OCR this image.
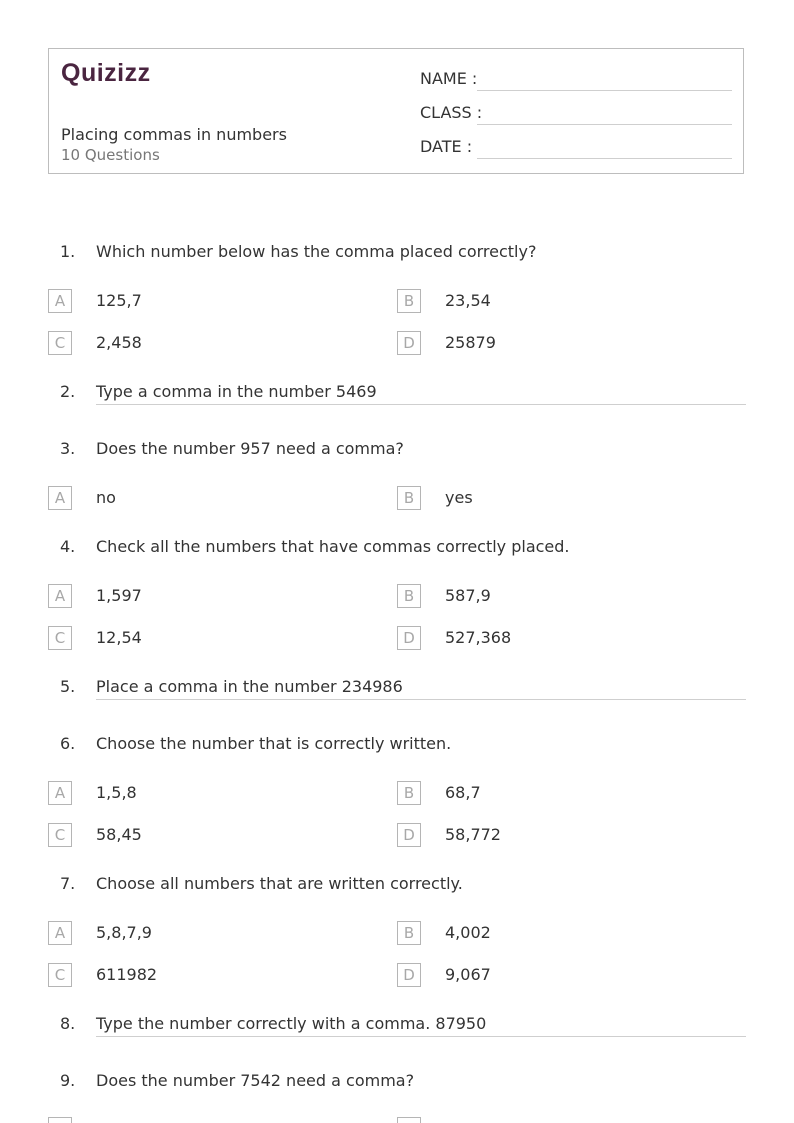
Quizizz
Placing commas in numbers
10 Questions
NAME :
CLASS :
DATE :
1. Which number below has the comma placed correctly?
A	125,7	B	23,54
C	2,458	D	25879
2. Type a comma in the number 5469
3. Does the number 957 need a comma?
A	no	B	yes
4. Check all the numbers that have commas correctly placed.
A	1,597	B	587,9
C	12,54	D	527,368
5. Place a comma in the number 234986
6. Choose the number that is correctly written.
A	1,5,8	B	68,7
C	58,45	D	58,772
7. Choose all numbers that are written correctly.
A	5,8,7,9	B	4,002
C	611982	D	9,067
8. Type the number correctly with a comma. 87950
9. Does the number 7542 need a comma?
